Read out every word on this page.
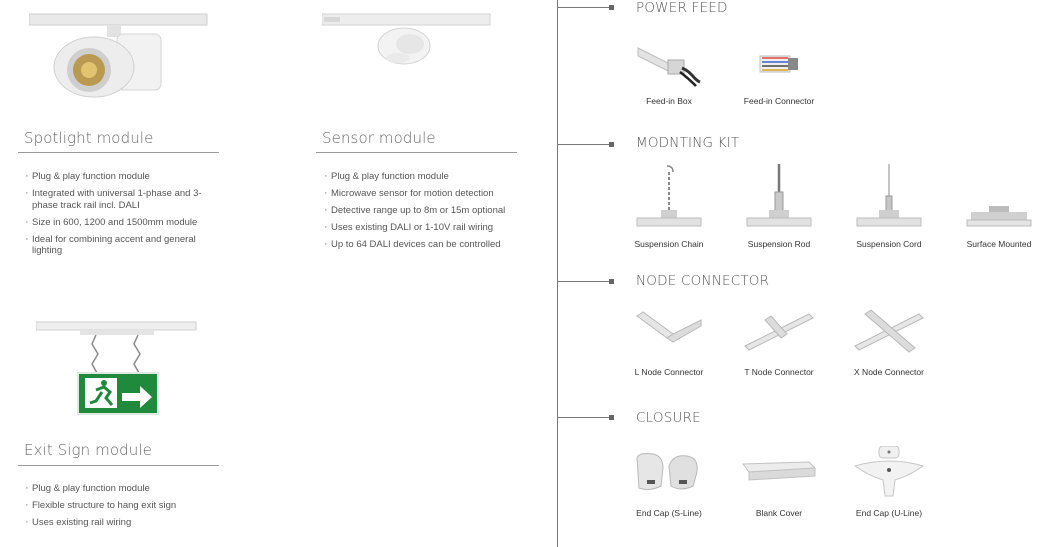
Spotlight module
· Plug & play function module
· Integrated with universal 1-phase and 3-phase track rail incl. DALI
· Size in 600, 1200 and 1500mm module
· Ideal for combining accent and general lighting
Sensor module
· Plug & play function module
· Microwave sensor for motion detection
· Detective range up to 8m or 15m optional
· Uses existing DALI or 1-10V rail wiring
· Up to 64 DALI devices can be controlled
Exit Sign module
· Plug & play function module
· Flexible structure to hang exit sign
· Uses existing rail wiring
POWER FEED
Feed-in Box	Feed-in Connector
MODNTING KIT
Suspension Chain	Suspension Rod	Suspension Cord	Surface Mounted
NODE CONNECTOR
L Node Connector	T Node Connector	X Node Connector
CLOSURE
End Cap (S-Line)	Blank Cover	End Cap (U-Line)
